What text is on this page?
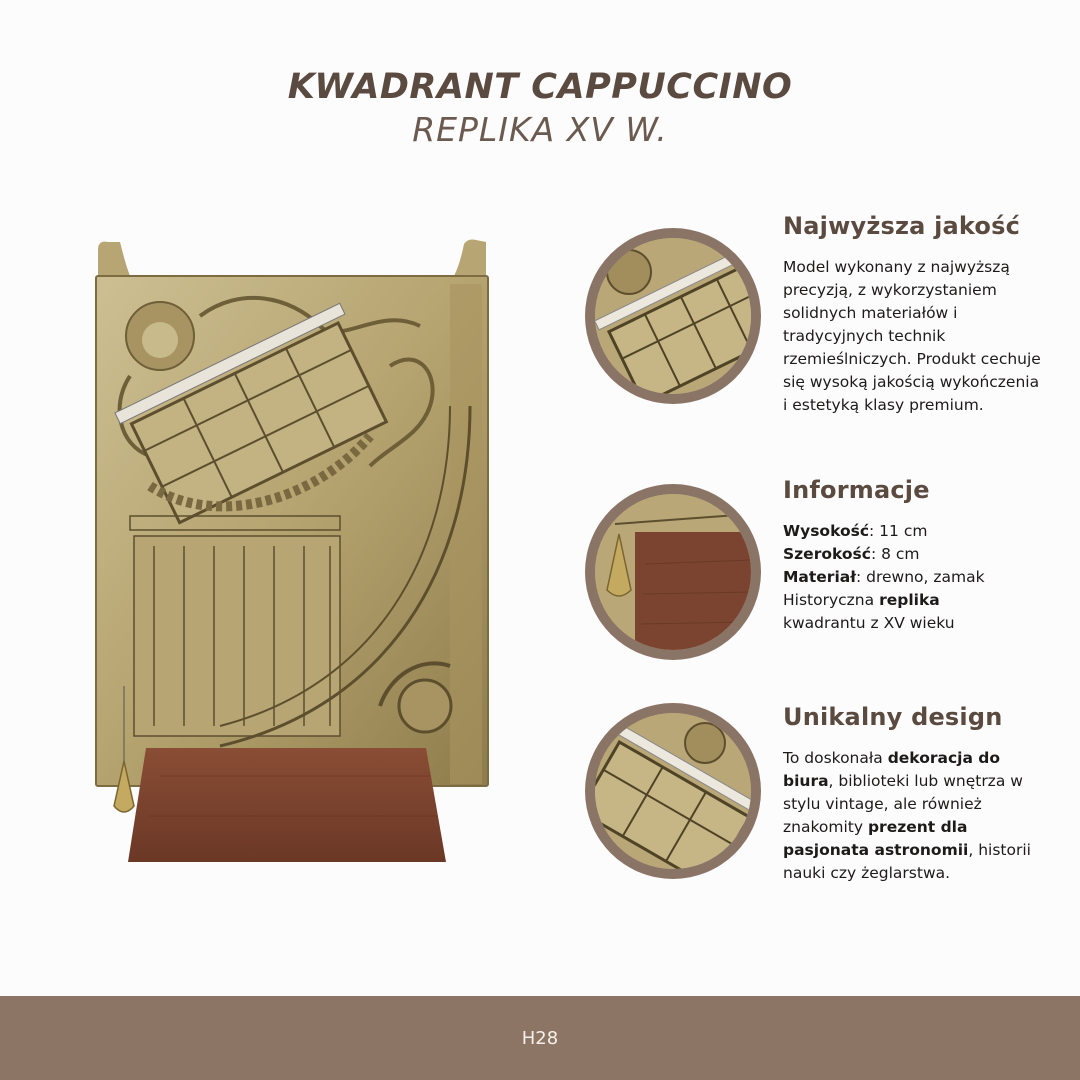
KWADRANT CAPPUCCINO
REPLIKA XV W.
Najwyższa jakość

Model wykonany z najwyższą precyzją, z wykorzystaniem solidnych materiałów i tradycyjnych technik rzemieślniczych. Produkt cechuje się wysoką jakością wykończenia i estetyką klasy premium.

Informacje

Wysokość: 11 cm
Szerokość: 8 cm
Materiał: drewno, zamak
Historyczna replika
kwadrantu z XV wieku

Unikalny design

To doskonała dekoracja do biura, biblioteki lub wnętrza w stylu vintage, ale również znakomity prezent dla pasjonata astronomii, historii nauki czy żeglarstwa.

H28
